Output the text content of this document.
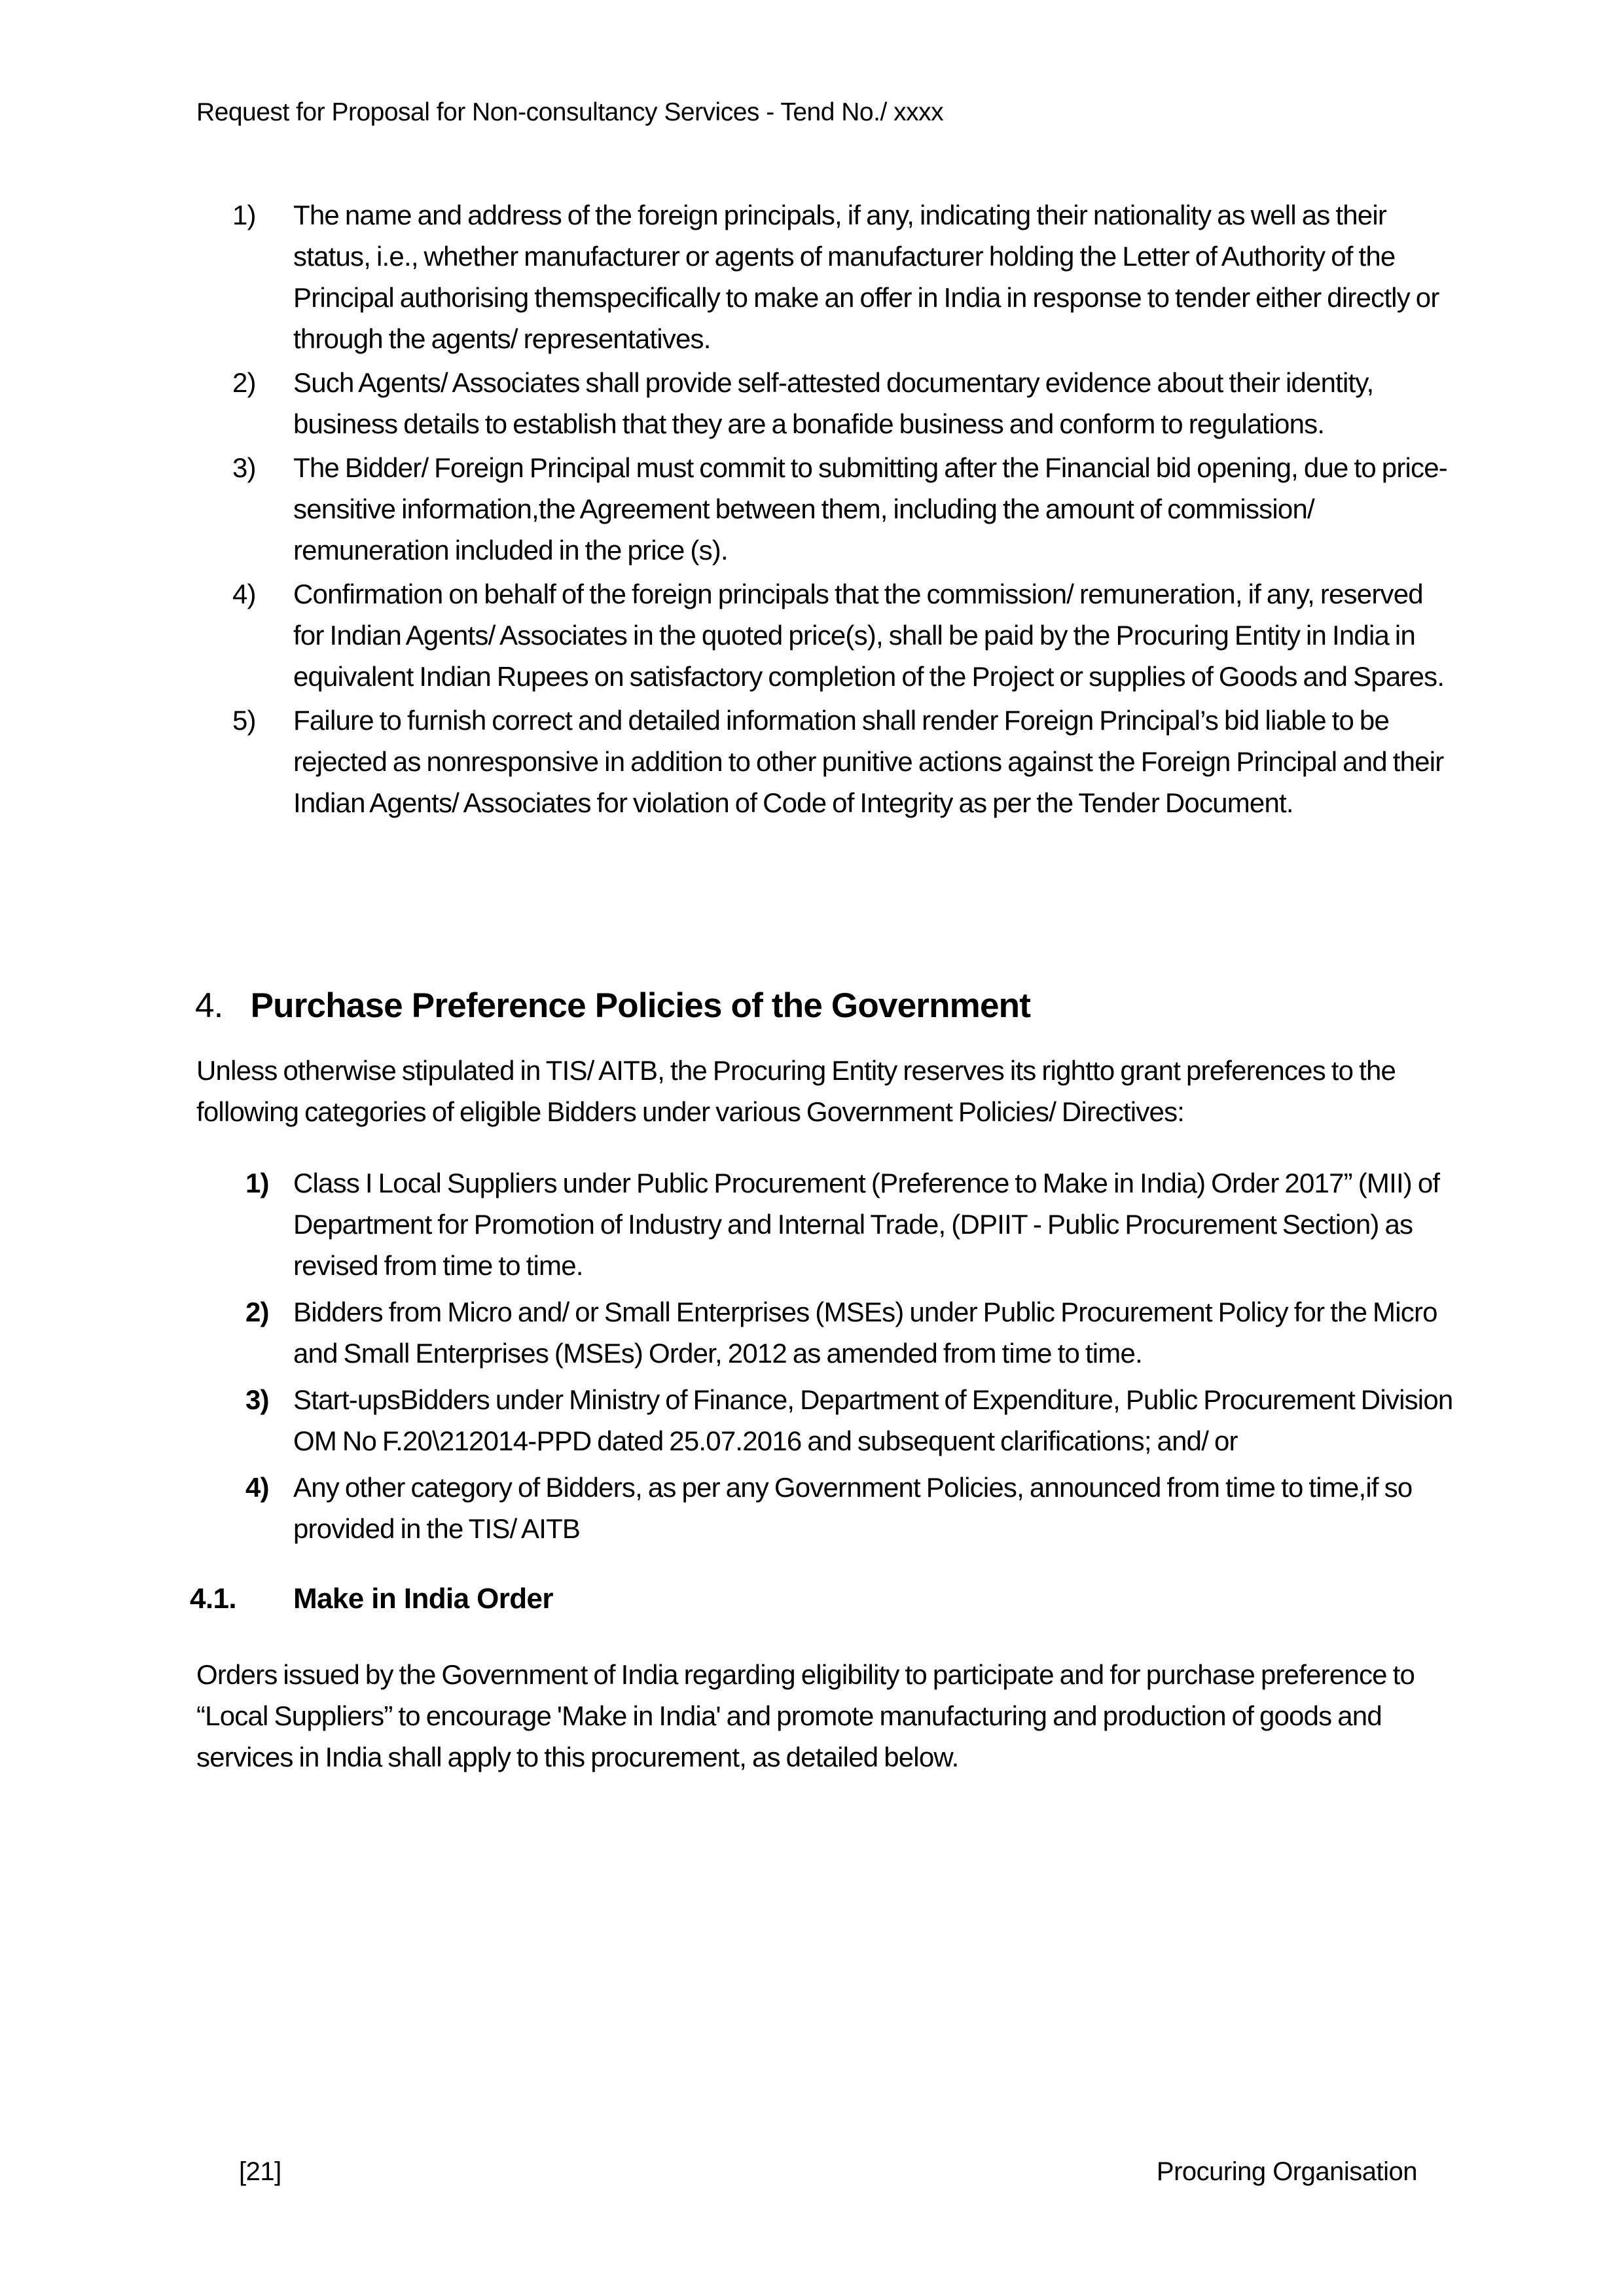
Request for Proposal for Non-consultancy Services - Tend No./ xxxx
1)	The name and address of the foreign principals, if any, indicating their nationality as well as their status, i.e., whether manufacturer or agents of manufacturer holding the Letter of Authority of the Principal authorising themspecifically to make an offer in India in response to tender either directly or through the agents/ representatives.
2)	Such Agents/ Associates shall provide self-attested documentary evidence about their identity, business details to establish that they are a bonafide business and conform to regulations.
3)	The Bidder/ Foreign Principal must commit to submitting after the Financial bid opening, due to price-sensitive information,the Agreement between them, including the amount of commission/ remuneration included in the price (s).
4)	Confirmation on behalf of the foreign principals that the commission/ remuneration, if any, reserved for Indian Agents/ Associates in the quoted price(s), shall be paid by the Procuring Entity in India in equivalent Indian Rupees on satisfactory completion of the Project or supplies of Goods and Spares.
5)	Failure to furnish correct and detailed information shall render Foreign Principal’s bid liable to be rejected as nonresponsive in addition to other punitive actions against the Foreign Principal and their Indian Agents/ Associates for violation of Code of Integrity as per the Tender Document.
4. Purchase Preference Policies of the Government
Unless otherwise stipulated in TIS/ AITB, the Procuring Entity reserves its rightto grant preferences to the following categories of eligible Bidders under various Government Policies/ Directives:
1) Class I Local Suppliers under Public Procurement (Preference to Make in India) Order 2017” (MII) of Department for Promotion of Industry and Internal Trade, (DPIIT - Public Procurement Section) as revised from time to time.
2) Bidders from Micro and/ or Small Enterprises (MSEs) under Public Procurement Policy for the Micro and Small Enterprises (MSEs) Order, 2012 as amended from time to time.
3) Start-upsBidders under Ministry of Finance, Department of Expenditure, Public Procurement Division OM No F.20\212014-PPD dated 25.07.2016 and subsequent clarifications; and/ or
4) Any other category of Bidders, as per any Government Policies, announced from time to time,if so provided in the TIS/ AITB
4.1. Make in India Order
Orders issued by the Government of India regarding eligibility to participate and for purchase preference to “Local Suppliers” to encourage 'Make in India' and promote manufacturing and production of goods and services in India shall apply to this procurement, as detailed below.
[21]	Procuring Organisation
